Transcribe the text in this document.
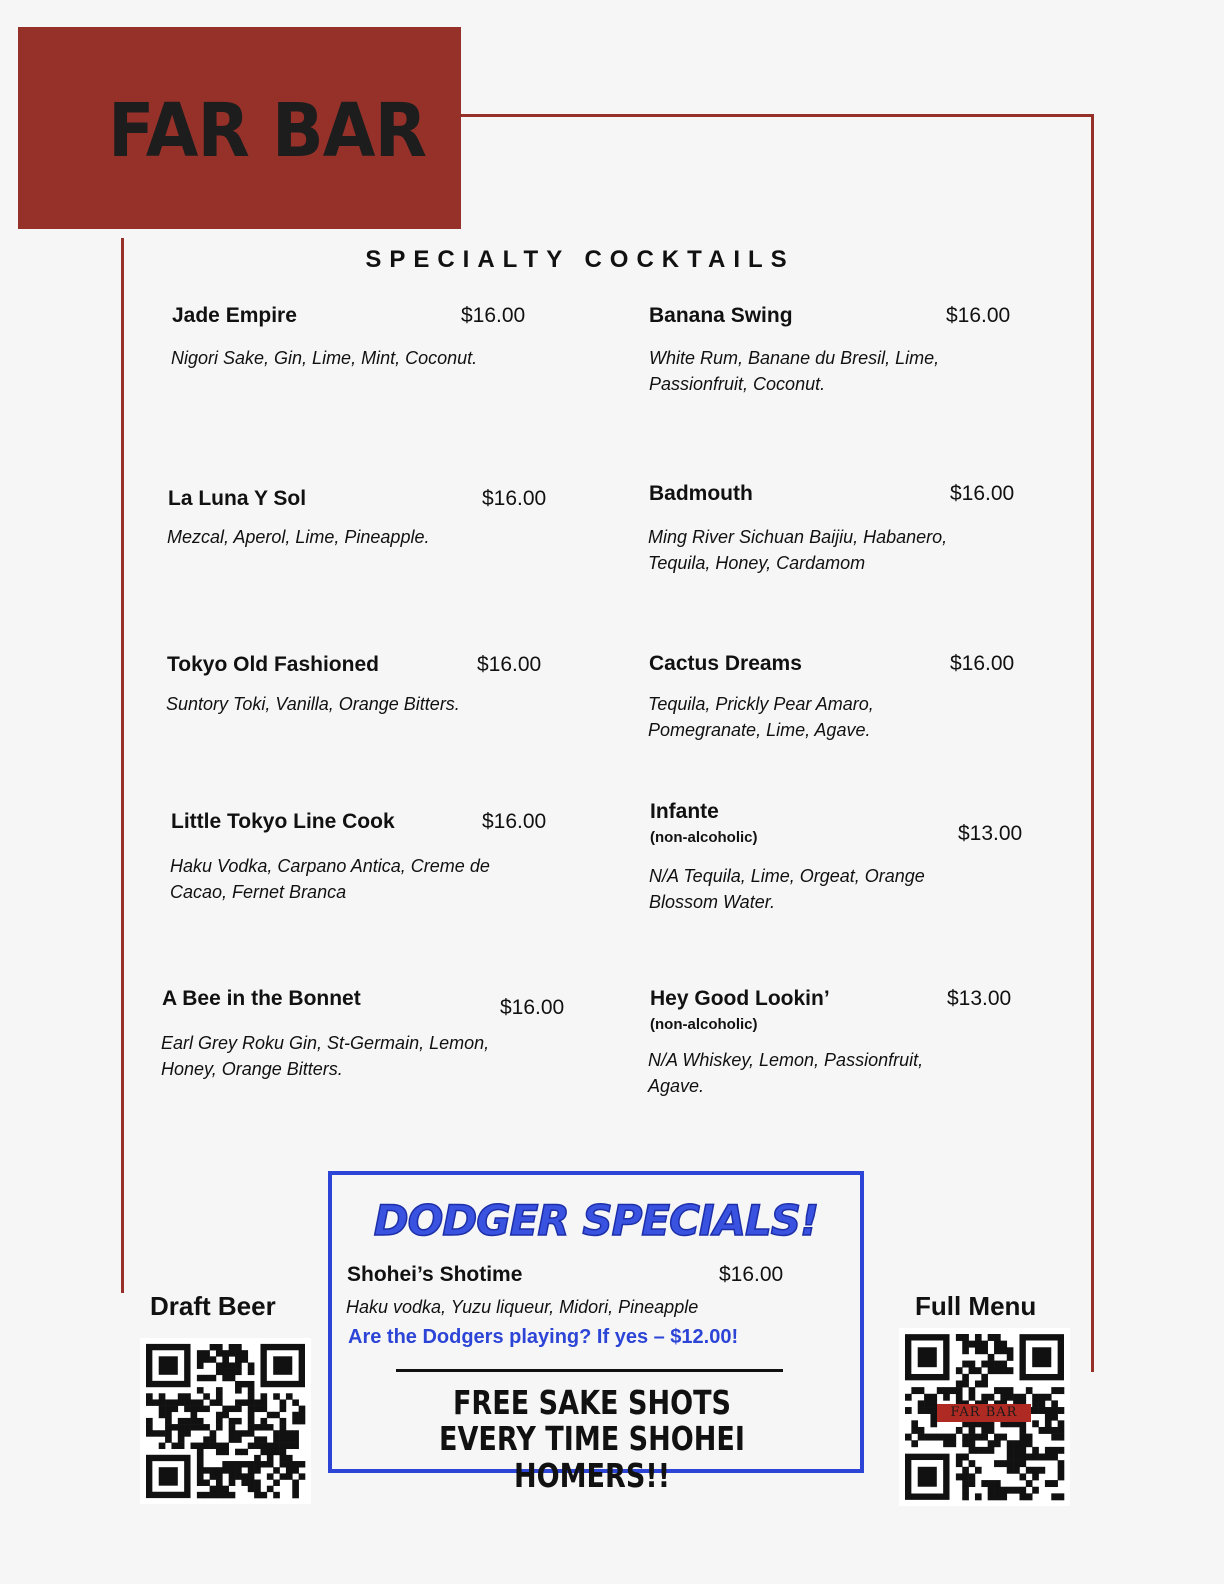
FAR BAR
SPECIALTY COCKTAILS
Jade Empire	$16.00
Nigori Sake, Gin, Lime, Mint, Coconut.
Banana Swing	$16.00
White Rum, Banane du Bresil, Lime, Passionfruit, Coconut.
La Luna Y Sol	$16.00
Mezcal, Aperol, Lime, Pineapple.
Badmouth	$16.00
Ming River Sichuan Baijiu, Habanero, Tequila, Honey, Cardamom
Tokyo Old Fashioned	$16.00
Suntory Toki, Vanilla, Orange Bitters.
Cactus Dreams	$16.00
Tequila, Prickly Pear Amaro, Pomegranate, Lime, Agave.
Little Tokyo Line Cook	$16.00
Haku Vodka, Carpano Antica, Creme de Cacao, Fernet Branca
Infante
(non-alcoholic)	$13.00
N/A Tequila, Lime, Orgeat, Orange Blossom Water.
A Bee in the Bonnet	$16.00
Earl Grey Roku Gin, St-Germain, Lemon, Honey, Orange Bitters.
Hey Good Lookin’
(non-alcoholic)
$13.00
N/A Whiskey, Lemon, Passionfruit, Agave.
DODGER SPECIALS!
Shohei’s Shotime	$16.00
Haku vodka, Yuzu liqueur, Midori, Pineapple
Are the Dodgers playing? If yes – $12.00!
FREE SAKE SHOTS
EVERY TIME SHOHEI HOMERS!!
Draft Beer	Full Menu
FAR BAR
